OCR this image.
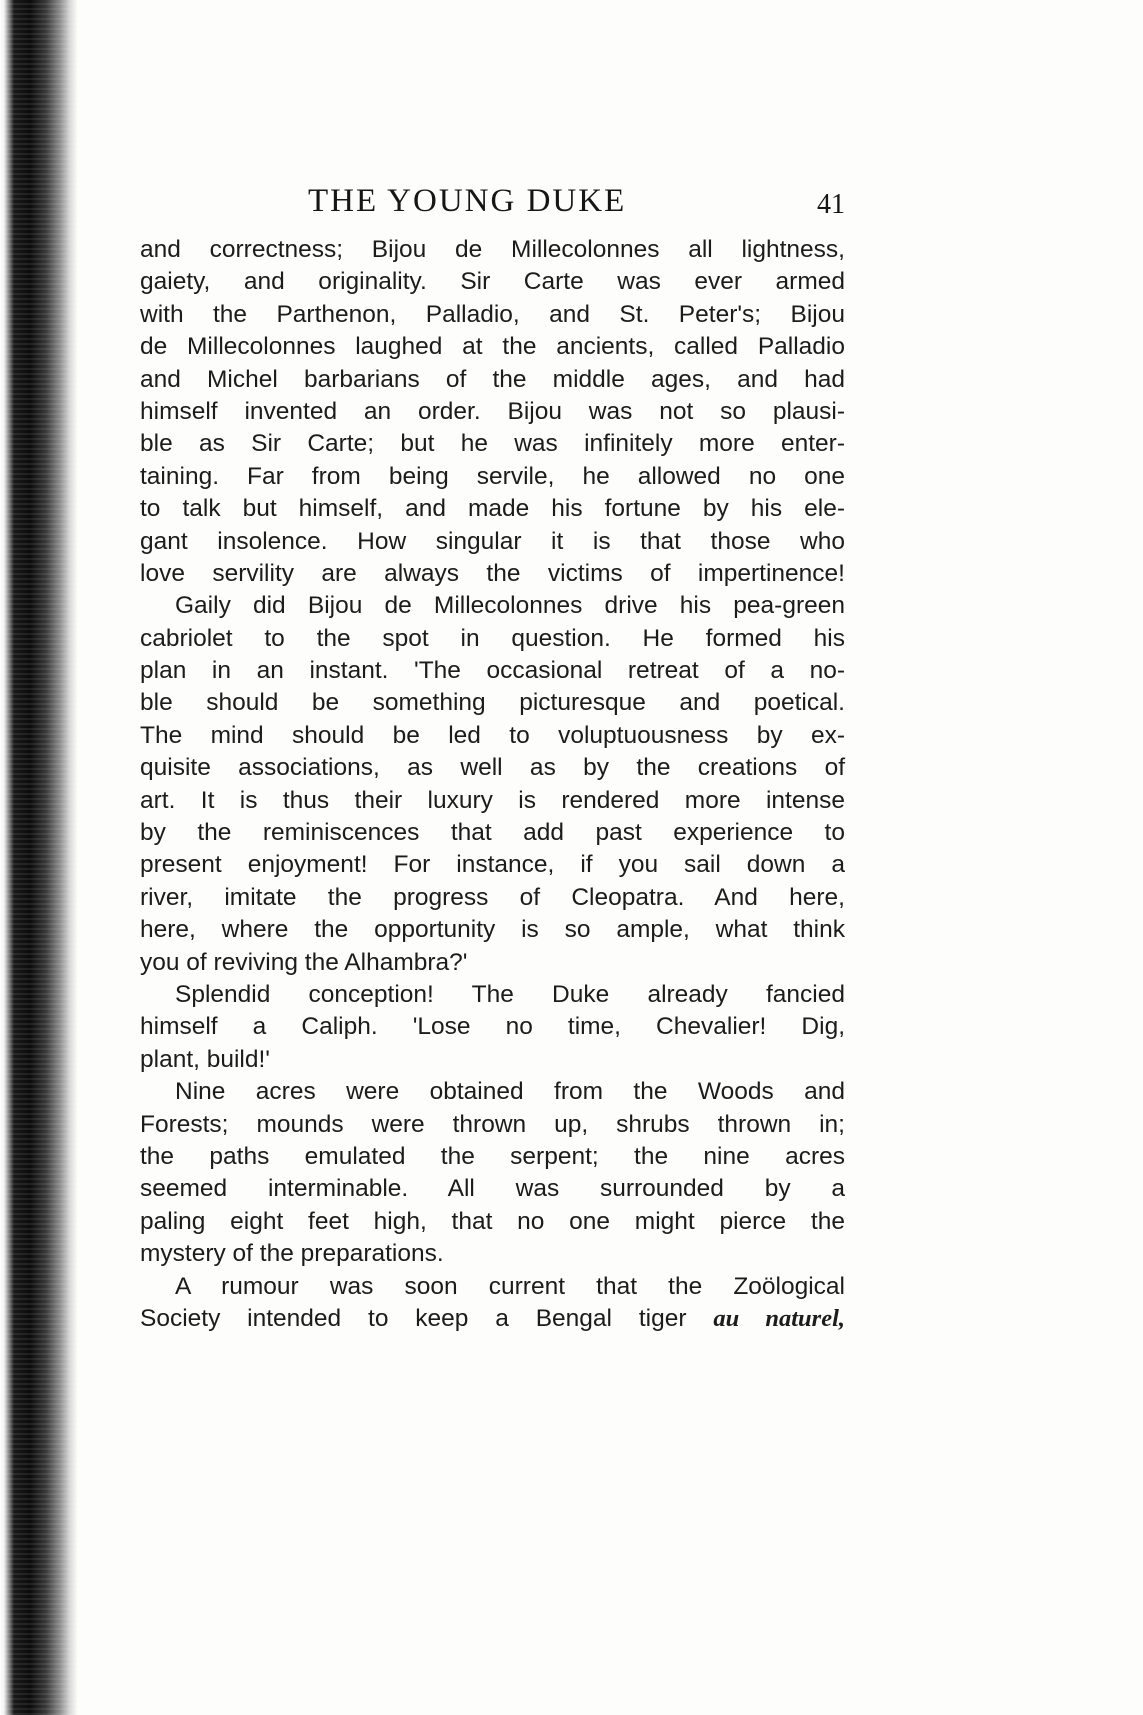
THE YOUNG DUKE	41
and correctness; Bijou de Millecolonnes all lightness,
gaiety, and originality. Sir Carte was ever armed
with the Parthenon, Palladio, and St. Peter's; Bijou
de Millecolonnes laughed at the ancients, called Palladio
and Michel barbarians of the middle ages, and had
himself invented an order. Bijou was not so plausi-
ble as Sir Carte; but he was infinitely more enter-
taining. Far from being servile, he allowed no one
to talk but himself, and made his fortune by his ele-
gant insolence. How singular it is that those who
love servility are always the victims of impertinence!
Gaily did Bijou de Millecolonnes drive his pea-green
cabriolet to the spot in question. He formed his
plan in an instant. 'The occasional retreat of a no-
ble should be something picturesque and poetical.
The mind should be led to voluptuousness by ex-
quisite associations, as well as by the creations of
art. It is thus their luxury is rendered more intense
by the reminiscences that add past experience to
present enjoyment! For instance, if you sail down a
river, imitate the progress of Cleopatra. And here,
here, where the opportunity is so ample, what think
you of reviving the Alhambra?'
Splendid conception! The Duke already fancied
himself a Caliph. 'Lose no time, Chevalier! Dig,
plant, build!'
Nine acres were obtained from the Woods and
Forests; mounds were thrown up, shrubs thrown in;
the paths emulated the serpent; the nine acres
seemed interminable. All was surrounded by a
paling eight feet high, that no one might pierce the
mystery of the preparations.
A rumour was soon current that the Zoölogical
Society intended to keep a Bengal tiger au naturel,
